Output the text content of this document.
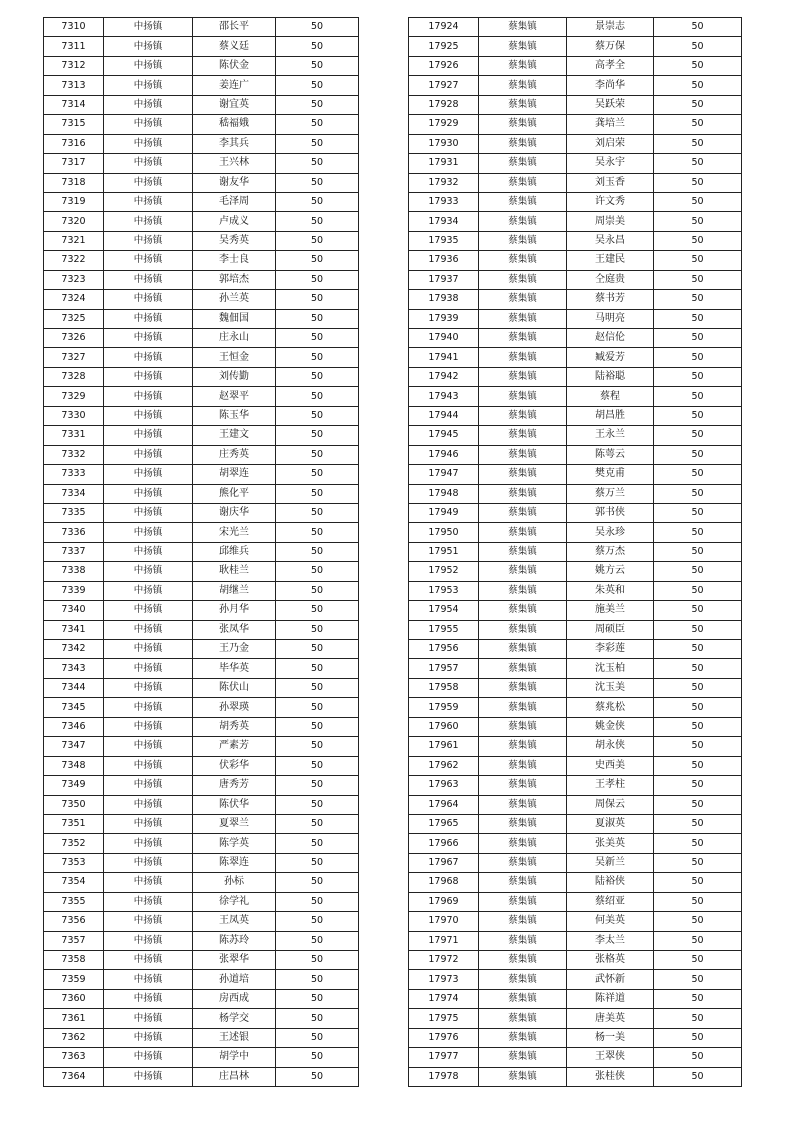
7310	中扬镇	邵长平	50
7311	中扬镇	蔡义廷	50
7312	中扬镇	陈伏金	50
7313	中扬镇	姜连广	50
7314	中扬镇	谢宜英	50
7315	中扬镇	嵇福娥	50
7316	中扬镇	李其兵	50
7317	中扬镇	王兴林	50
7318	中扬镇	谢友华	50
7319	中扬镇	毛泽周	50
7320	中扬镇	卢成义	50
7321	中扬镇	吴秀英	50
7322	中扬镇	李士良	50
7323	中扬镇	郭培杰	50
7324	中扬镇	孙兰英	50
7325	中扬镇	魏佃国	50
7326	中扬镇	庄永山	50
7327	中扬镇	王恒金	50
7328	中扬镇	刘传勤	50
7329	中扬镇	赵翠平	50
7330	中扬镇	陈玉华	50
7331	中扬镇	王建文	50
7332	中扬镇	庄秀英	50
7333	中扬镇	胡翠连	50
7334	中扬镇	熊化平	50
7335	中扬镇	谢庆华	50
7336	中扬镇	宋光兰	50
7337	中扬镇	邱维兵	50
7338	中扬镇	耿桂兰	50
7339	中扬镇	胡继兰	50
7340	中扬镇	孙月华	50
7341	中扬镇	张凤华	50
7342	中扬镇	王乃金	50
7343	中扬镇	毕华英	50
7344	中扬镇	陈伏山	50
7345	中扬镇	孙翠瑛	50
7346	中扬镇	胡秀英	50
7347	中扬镇	严素芳	50
7348	中扬镇	伏彩华	50
7349	中扬镇	唐秀芳	50
7350	中扬镇	陈伏华	50
7351	中扬镇	夏翠兰	50
7352	中扬镇	陈学英	50
7353	中扬镇	陈翠连	50
7354	中扬镇	孙标	50
7355	中扬镇	徐学礼	50
7356	中扬镇	王凤英	50
7357	中扬镇	陈苏玲	50
7358	中扬镇	张翠华	50
7359	中扬镇	孙道培	50
7360	中扬镇	房西成	50
7361	中扬镇	杨学交	50
7362	中扬镇	王述银	50
7363	中扬镇	胡学中	50
7364	中扬镇	庄昌林	50
17924	蔡集镇	景崇志	50
17925	蔡集镇	蔡万保	50
17926	蔡集镇	高孝全	50
17927	蔡集镇	李尚华	50
17928	蔡集镇	吴跃荣	50
17929	蔡集镇	龚培兰	50
17930	蔡集镇	刘启荣	50
17931	蔡集镇	吴永宇	50
17932	蔡集镇	刘玉香	50
17933	蔡集镇	许文秀	50
17934	蔡集镇	周崇美	50
17935	蔡集镇	吴永昌	50
17936	蔡集镇	王建民	50
17937	蔡集镇	仝庭贵	50
17938	蔡集镇	蔡书芳	50
17939	蔡集镇	马明亮	50
17940	蔡集镇	赵信伦	50
17941	蔡集镇	臧爱芳	50
17942	蔡集镇	陆裕聪	50
17943	蔡集镇	蔡程	50
17944	蔡集镇	胡昌胜	50
17945	蔡集镇	王永兰	50
17946	蔡集镇	陈萼云	50
17947	蔡集镇	樊克甫	50
17948	蔡集镇	蔡万兰	50
17949	蔡集镇	郭书侠	50
17950	蔡集镇	吴永珍	50
17951	蔡集镇	蔡万杰	50
17952	蔡集镇	姚方云	50
17953	蔡集镇	朱英和	50
17954	蔡集镇	施美兰	50
17955	蔡集镇	周硕臣	50
17956	蔡集镇	李彩莲	50
17957	蔡集镇	沈玉柏	50
17958	蔡集镇	沈玉美	50
17959	蔡集镇	蔡兆松	50
17960	蔡集镇	姚金侠	50
17961	蔡集镇	胡永侠	50
17962	蔡集镇	史西美	50
17963	蔡集镇	王孝柱	50
17964	蔡集镇	周保云	50
17965	蔡集镇	夏淑英	50
17966	蔡集镇	张美英	50
17967	蔡集镇	吴新兰	50
17968	蔡集镇	陆裕侠	50
17969	蔡集镇	蔡绍亚	50
17970	蔡集镇	何美英	50
17971	蔡集镇	李太兰	50
17972	蔡集镇	张格英	50
17973	蔡集镇	武怀新	50
17974	蔡集镇	陈祥道	50
17975	蔡集镇	唐美英	50
17976	蔡集镇	杨一美	50
17977	蔡集镇	王翠侠	50
17978	蔡集镇	张桂侠	50
